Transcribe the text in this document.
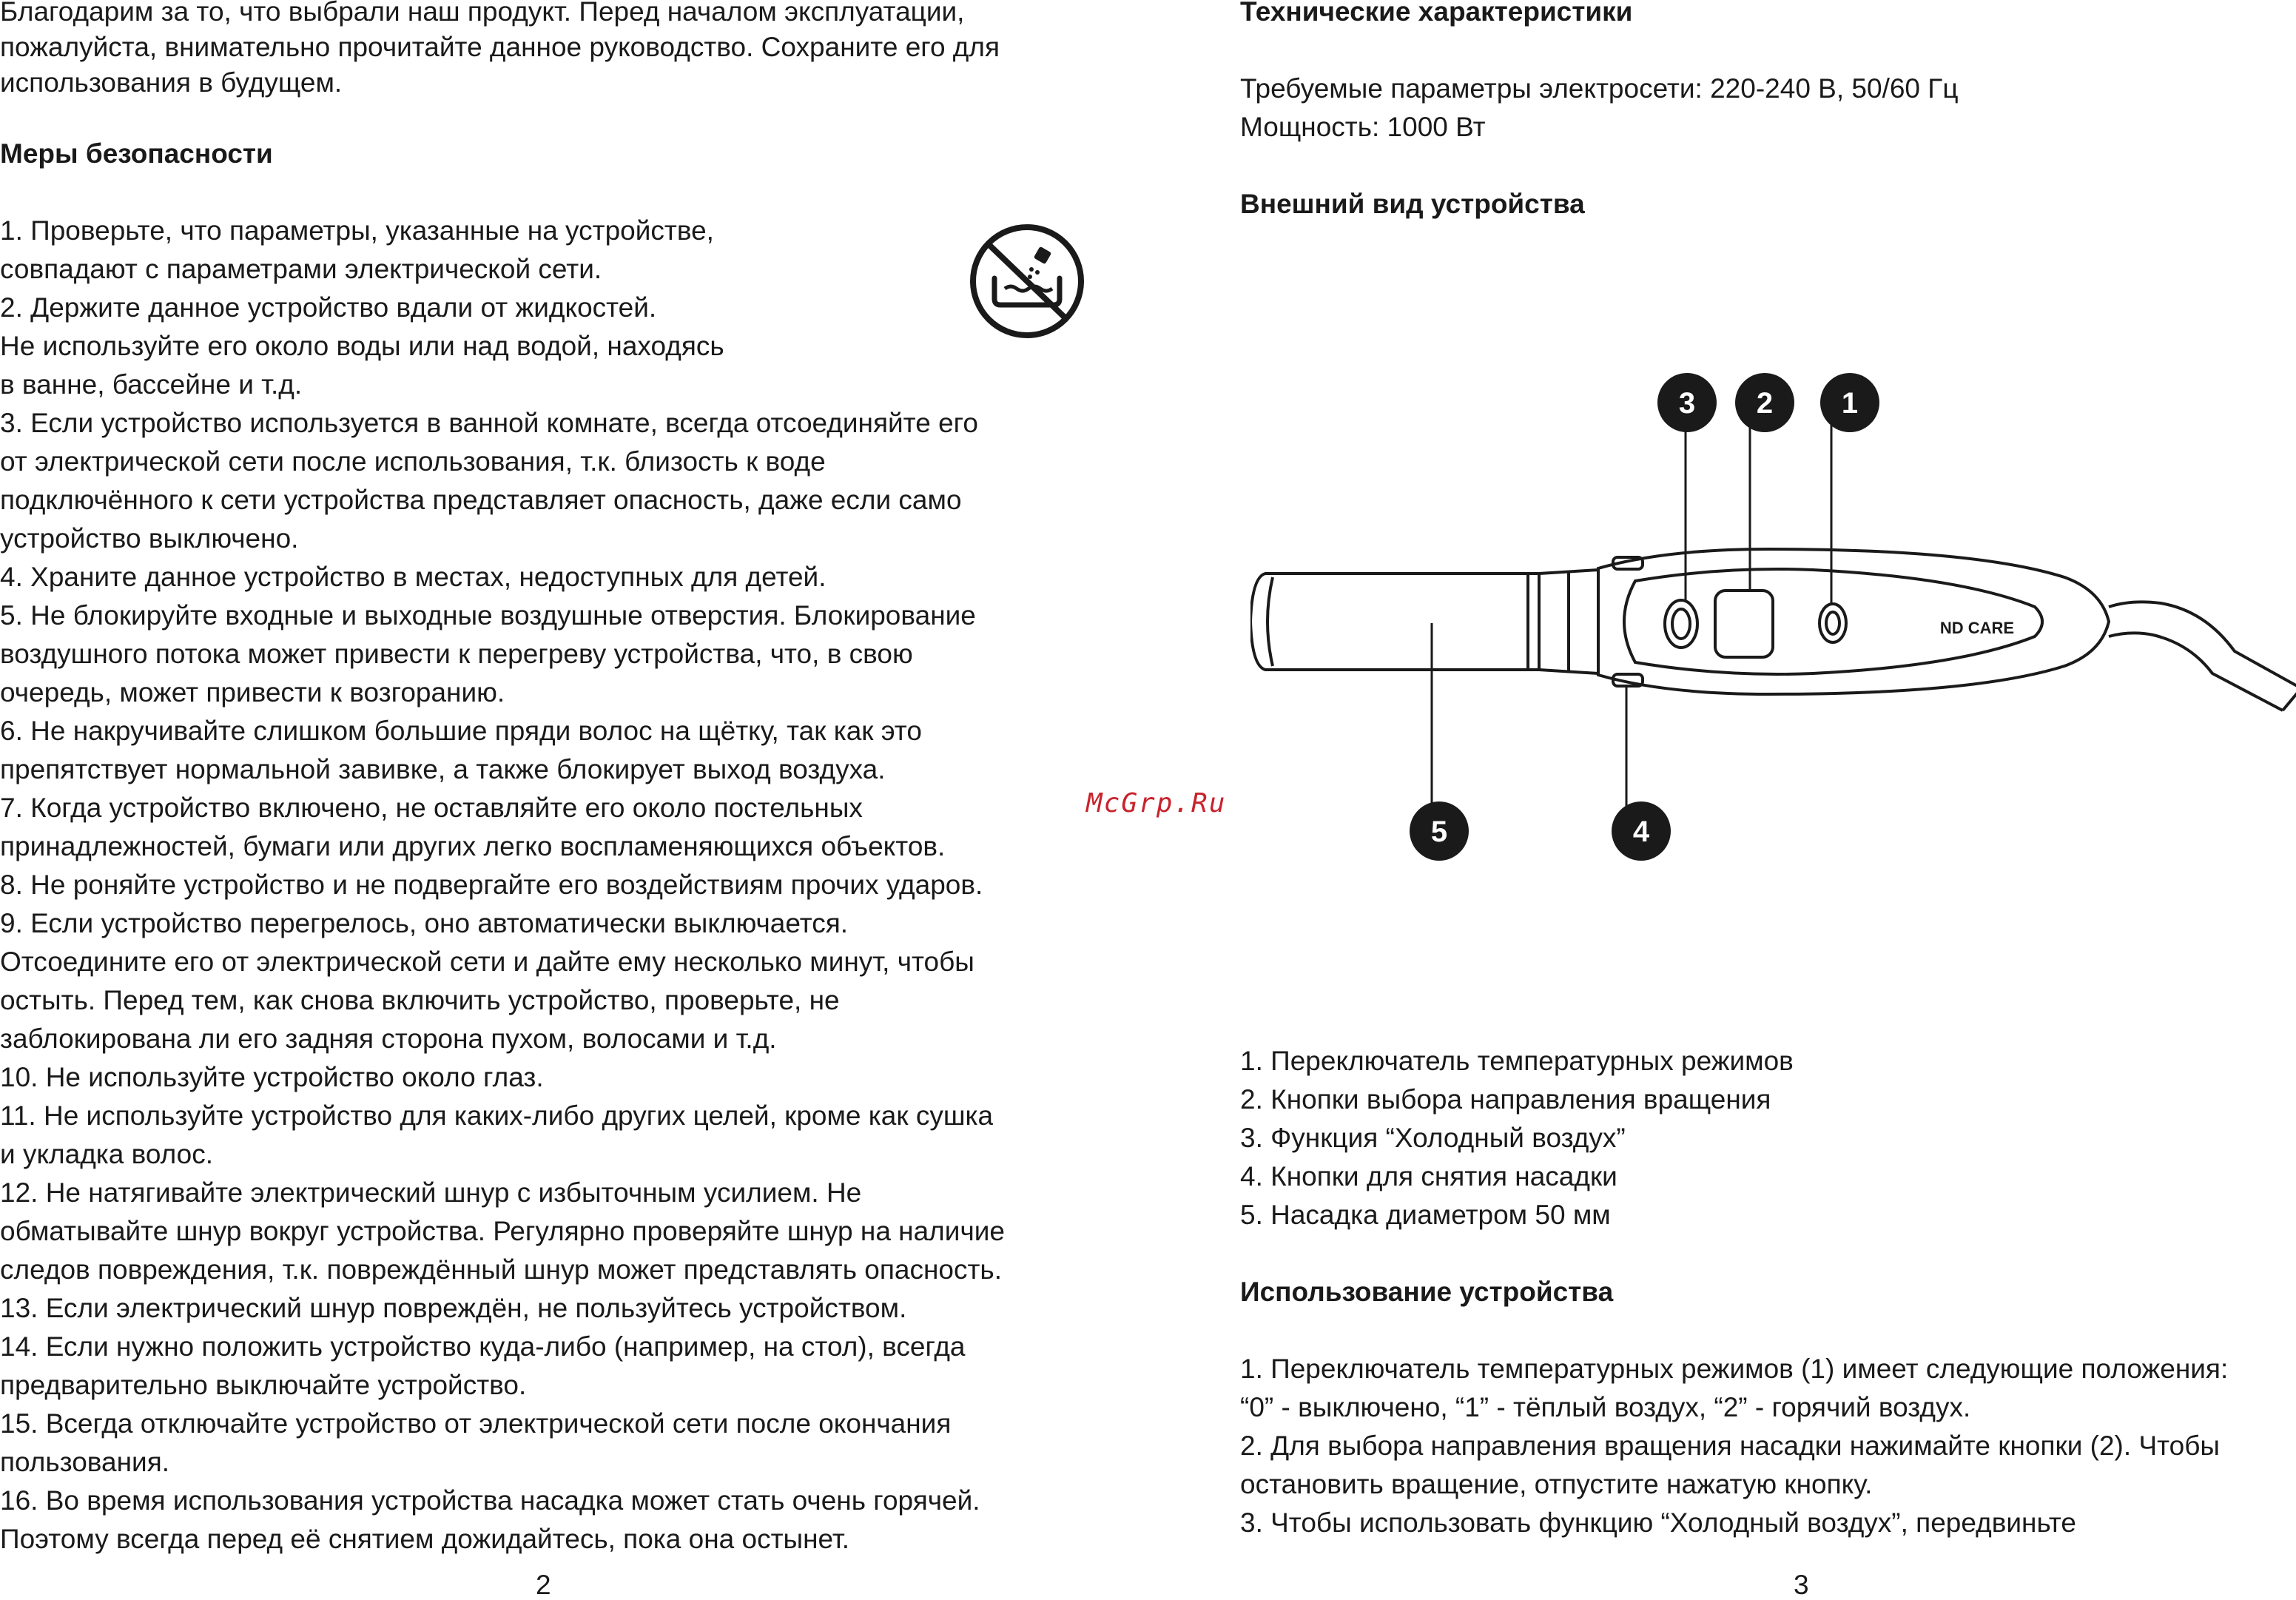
Благодарим за то, что выбрали наш продукт. Перед началом эксплуатации,
пожалуйста, внимательно прочитайте данное руководство. Сохраните его для
использования в будущем.
Меры безопасности
1. Проверьте, что параметры, указанные на устройстве,
совпадают с параметрами электрической сети.
2. Держите данное устройство вдали от жидкостей.
Не используйте его около воды или над водой, находясь
в ванне, бассейне и т.д.
3. Если устройство используется в ванной комнате, всегда отсоединяйте его
от электрической сети после использования, т.к. близость к воде
подключённого к сети устройства представляет опасность, даже если само
устройство выключено.
4. Храните данное устройство в местах, недоступных для детей.
5. Не блокируйте входные и выходные воздушные отверстия. Блокирование
воздушного потока может привести к перегреву устройства, что, в свою
очередь, может привести к возгоранию.
6. Не накручивайте слишком большие пряди волос на щётку, так как это
препятствует нормальной завивке, а также блокирует выход воздуха.
7. Когда устройство включено, не оставляйте его около постельных
принадлежностей, бумаги или других легко воспламеняющихся объектов.
8. Не роняйте устройство и не подвергайте его воздействиям прочих ударов.
9. Если устройство перегрелось, оно автоматически выключается.
Отсоедините его от электрической сети и дайте ему несколько минут, чтобы
остыть. Перед тем, как снова включить устройство, проверьте, не
заблокирована ли его задняя сторона пухом, волосами и т.д.
10. Не используйте устройство около глаз.
11. Не используйте устройство для каких-либо других целей, кроме как сушка
и укладка волос.
12. Не натягивайте электрический шнур с избыточным усилием. Не
обматывайте шнур вокруг устройства. Регулярно проверяйте шнур на наличие
следов повреждения, т.к. повреждённый шнур может представлять опасность.
13. Если электрический шнур повреждён, не пользуйтесь устройством.
14. Если нужно положить устройство куда-либо (например, на стол), всегда
предварительно выключайте устройство.
15. Всегда отключайте устройство от электрической сети после окончания
пользования.
16. Во время использования устройства насадка может стать очень горячей.
Поэтому всегда перед её снятием дожидайтесь, пока она остынет.
2
Технические характеристики
Требуемые параметры электросети: 220-240 В, 50/60 Гц
Мощность: 1000 Вт
Внешний вид устройства
1. Переключатель температурных режимов
2. Кнопки выбора направления вращения
3. Функция “Холодный воздух”
4. Кнопки для снятия насадки
5. Насадка диаметром 50 мм
Использование устройства
1. Переключатель температурных режимов (1) имеет следующие положения:
“0” - выключено, “1” - тёплый воздух, “2” - горячий воздух.
2. Для выбора направления вращения насадки нажимайте кнопки (2). Чтобы
остановить вращение, отпустите нажатую кнопку.
3. Чтобы использовать функцию “Холодный воздух”, передвиньте
3
ND CARE
3 2 1
4
5
McGrp.Ru
